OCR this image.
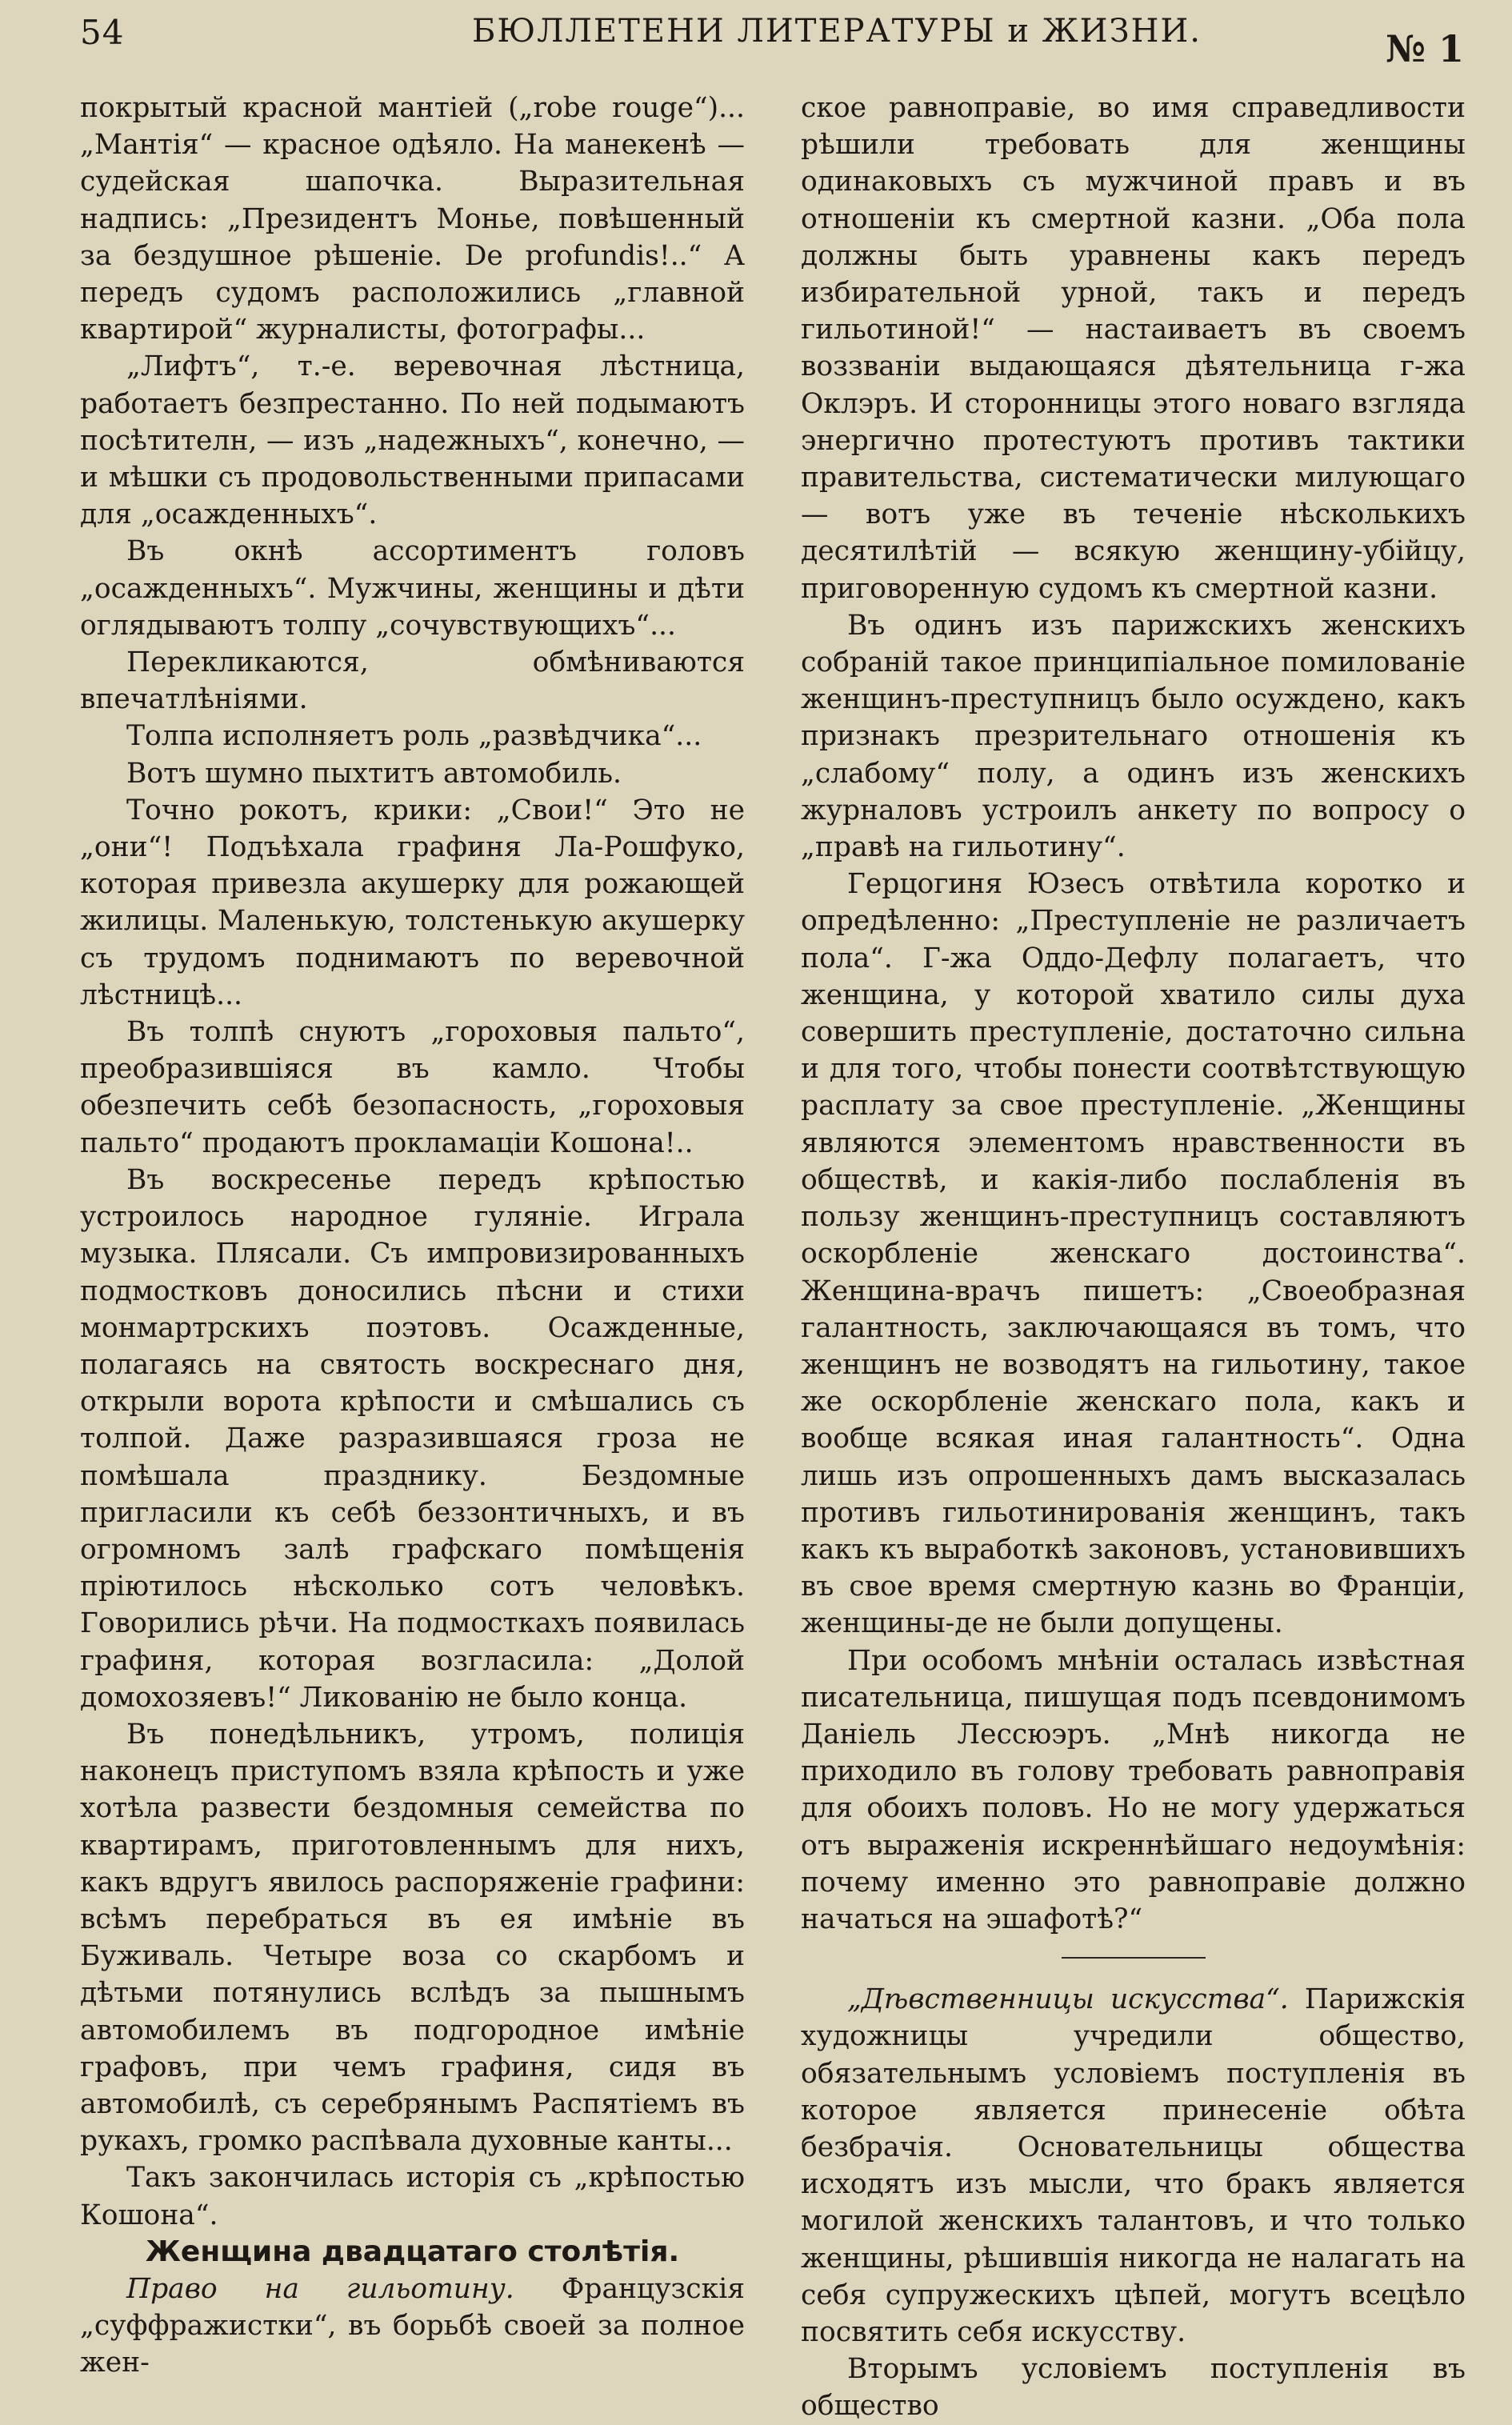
54	БЮЛЛЕТЕНИ ЛИТЕРАТУРЫ и ЖИЗНИ.	№ 1

покрытый красной мантіей („robe rouge“)... „Мантія“ — красное одѣяло. На манекенѣ — судейская шапочка. Выразительная надпись: „Президентъ Монье, повѣшенный за бездушное рѣшеніе. De profundis!..“ А передъ судомъ расположились „главной квартирой“ журналисты, фотографы...

„Лифтъ“, т.-е. веревочная лѣстница, работаетъ безпрестанно. По ней подымаютъ посѣтителн, — изъ „надежныхъ“, конечно, — и мѣшки съ продовольственными припасами для „осажденныхъ“.

Въ окнѣ ассортиментъ головъ „осажденныхъ“. Мужчины, женщины и дѣти оглядываютъ толпу „сочувствующихъ“...

Перекликаются, обмѣниваются впечатлѣніями.

Толпа исполняетъ роль „развѣдчика“...

Вотъ шумно пыхтитъ автомобиль.

Точно рокотъ, крики: „Свои!“ Это не „они“! Подъѣхала графиня Ла-Рошфуко, которая привезла акушерку для рожающей жилицы. Маленькую, толстенькую акушерку съ трудомъ поднимаютъ по веревочной лѣстницѣ...

Въ толпѣ снуютъ „гороховыя пальто“, преобразившіяся въ камло. Чтобы обезпечить себѣ безопасность, „гороховыя пальто“ продаютъ прокламаціи Кошона!..

Въ воскресенье передъ крѣпостью устроилось народное гуляніе. Играла музыка. Плясали. Съ импровизированныхъ подмостковъ доносились пѣсни и стихи монмартрскихъ поэтовъ. Осажденные, полагаясь на святость воскреснаго дня, открыли ворота крѣпости и смѣшались съ толпой. Даже разразившаяся гроза не помѣшала празднику. Бездомные пригласили къ себѣ беззонтичныхъ, и въ огромномъ залѣ графскаго помѣщенія пріютилось нѣсколько сотъ человѣкъ. Говорились рѣчи. На подмосткахъ появилась графиня, которая возгласила: „Долой домохозяевъ!“ Ликованію не было конца.

Въ понедѣльникъ, утромъ, полиція наконецъ приступомъ взяла крѣпость и уже хотѣла развести бездомныя семейства по квартирамъ, приготовленнымъ для нихъ, какъ вдругъ явилось распоряженіе графини: всѣмъ перебраться въ ея имѣніе въ Буживаль. Четыре воза со скарбомъ и дѣтьми потянулись вслѣдъ за пышнымъ автомобилемъ въ подгородное имѣніе графовъ, при чемъ графиня, сидя въ автомобилѣ, съ серебрянымъ Распятіемъ въ рукахъ, громко распѣвала духовные канты...

Такъ закончилась исторія съ „крѣпостью Кошона“.

Женщина двадцатаго столѣтія.

Право на гильотину. Французскія „суффражистки“, въ борьбѣ своей за полное жен-

ское равноправіе, во имя справедливости рѣшили требовать для женщины одинаковыхъ съ мужчиной правъ и въ отношеніи къ смертной казни. „Оба пола должны быть уравнены какъ передъ избирательной урной, такъ и передъ гильотиной!“ — настаиваетъ въ своемъ воззваніи выдающаяся дѣятельница г-жа Оклэръ. И сторонницы этого новаго взгляда энергично протестуютъ противъ тактики правительства, систематически милующаго — вотъ уже въ теченіе нѣсколькихъ десятилѣтій — всякую женщину-убійцу, приговоренную судомъ къ смертной казни.

Въ одинъ изъ парижскихъ женскихъ собраній такое принципіальное помилованіе женщинъ-преступницъ было осуждено, какъ признакъ презрительнаго отношенія къ „слабому“ полу, а одинъ изъ женскихъ журналовъ устроилъ анкету по вопросу о „правѣ на гильотину“.

Герцогиня Юзесъ отвѣтила коротко и опредѣленно: „Преступленіе не различаетъ пола“. Г-жа Оддо-Дефлу полагаетъ, что женщина, у которой хватило силы духа совершить преступленіе, достаточно сильна и для того, чтобы понести соотвѣтствующую расплату за свое преступленіе. „Женщины являются элементомъ нравственности въ обществѣ, и какія-либо послабленія въ пользу женщинъ-преступницъ составляютъ оскорбленіе женскаго достоинства“. Женщина-врачъ пишетъ: „Своеобразная галантность, заключающаяся въ томъ, что женщинъ не возводятъ на гильотину, такое же оскорбленіе женскаго пола, какъ и вообще всякая иная галантность“. Одна лишь изъ опрошенныхъ дамъ высказалась противъ гильотинированія женщинъ, такъ какъ къ выработкѣ законовъ, установившихъ въ свое время смертную казнь во Франціи, женщины-де не были допущены.

При особомъ мнѣніи осталась извѣстная писательница, пишущая подъ псевдонимомъ Даніель Лессюэръ. „Мнѣ никогда не приходило въ голову требовать равноправія для обоихъ половъ. Но не могу удержаться отъ выраженія искреннѣйшаго недоумѣнія: почему именно это равноправіе должно начаться на эшафотѣ?“

„Дѣвственницы искусства“. Парижскія художницы учредили общество, обязательнымъ условіемъ поступленія въ которое является принесеніе обѣта безбрачія. Основательницы общества исходятъ изъ мысли, что бракъ является могилой женскихъ талантовъ, и что только женщины, рѣшившія никогда не налагать на себя супружескихъ цѣпей, могутъ всецѣло посвятить себя искусству.

Вторымъ условіемъ поступленія въ общество
